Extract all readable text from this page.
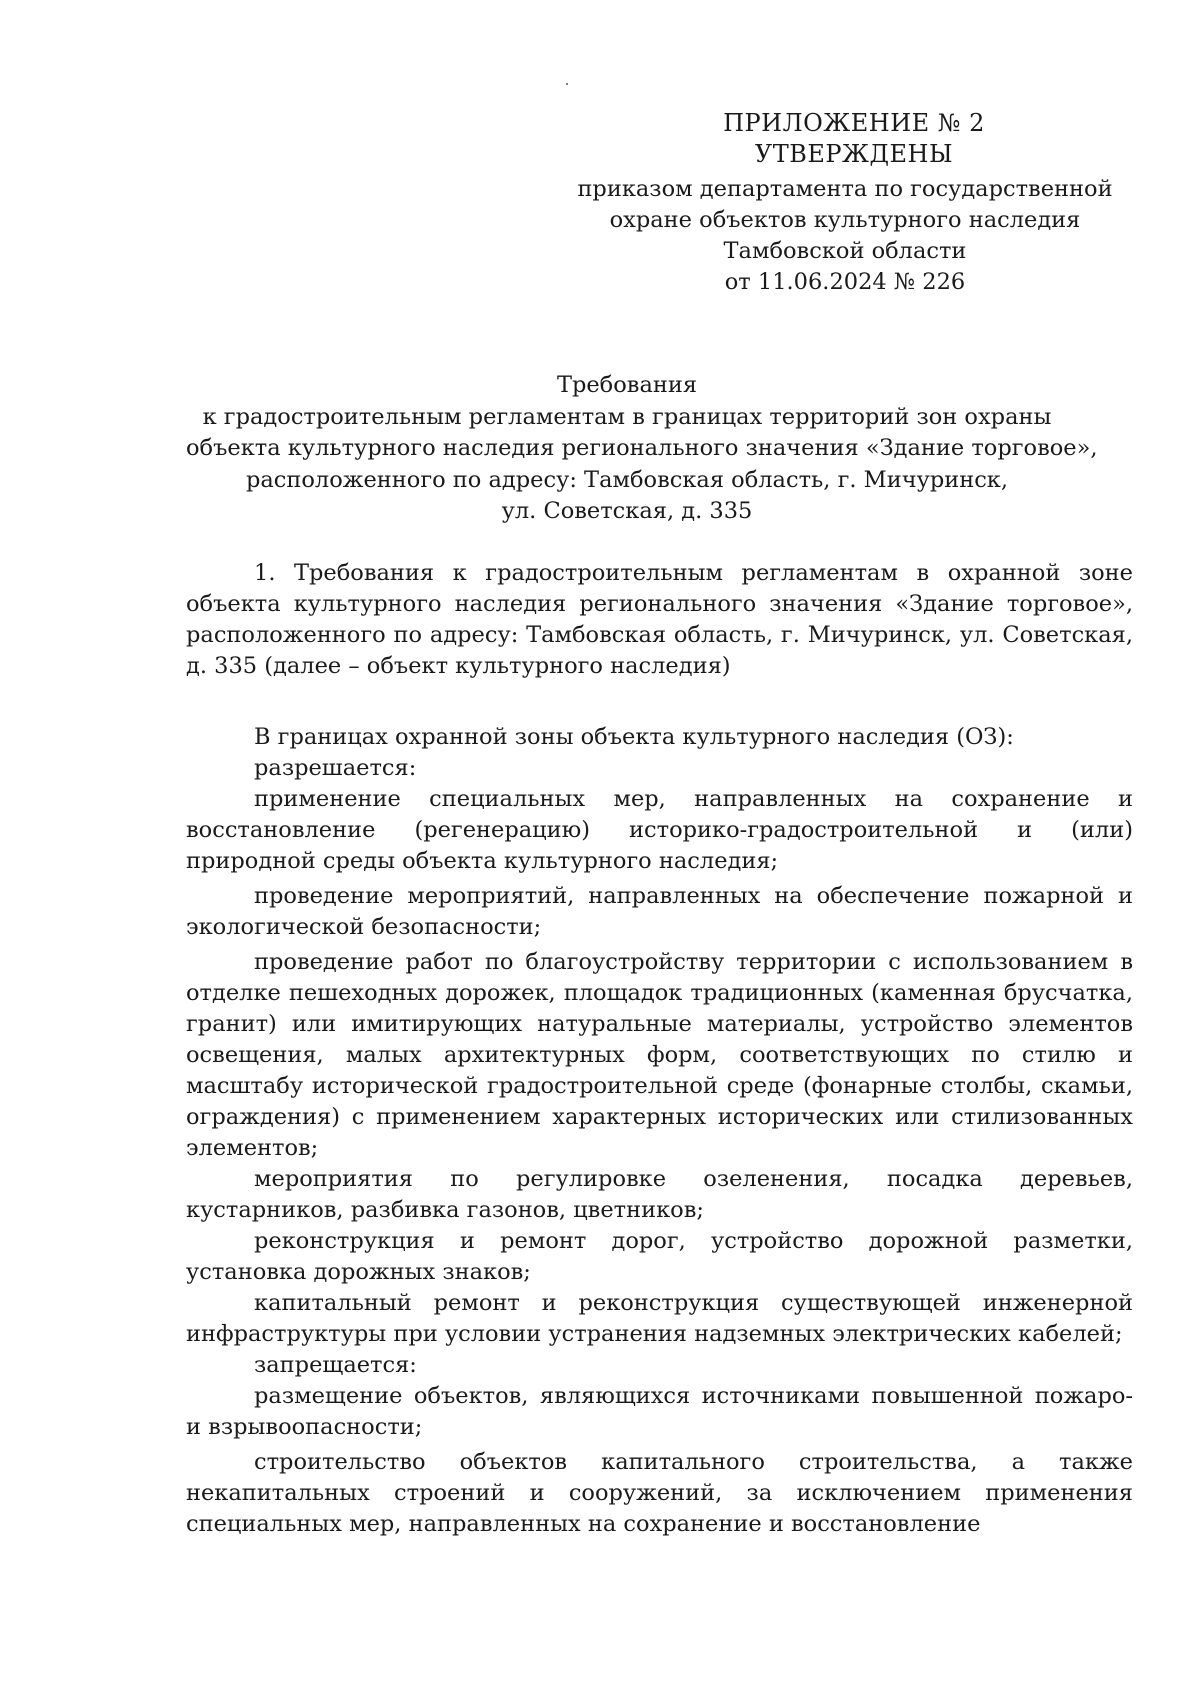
ПРИЛОЖЕНИЕ № 2
УТВЕРЖДЕНЫ
приказом департамента по государственной
охране объектов культурного наследия
Тамбовской области
от 11.06.2024 № 226
Требования
к градостроительным регламентам в границах территорий зон охраны
объекта культурного наследия регионального значения «Здание торговое»,
расположенного по адресу: Тамбовская область, г. Мичуринск,
ул. Советская, д. 335

1. Требования к градостроительным регламентам в охранной зоне объекта культурного наследия регионального значения «Здание торговое», расположенного по адресу: Тамбовская область, г. Мичуринск, ул. Советская, д. 335 (далее – объект культурного наследия)

В границах охранной зоны объекта культурного наследия (ОЗ):

разрешается:

применение специальных мер, направленных на сохранение и восстановление (регенерацию) историко-градостроительной и (или) природной среды объекта культурного наследия;

проведение мероприятий, направленных на обеспечение пожарной и экологической безопасности;

проведение работ по благоустройству территории с использованием в отделке пешеходных дорожек, площадок традиционных (каменная брусчатка, гранит) или имитирующих натуральные материалы, устройство элементов освещения, малых архитектурных форм, соответствующих по стилю и масштабу исторической градостроительной среде (фонарные столбы, скамьи, ограждения) с применением характерных исторических или стилизованных элементов;

мероприятия по регулировке озеленения, посадка деревьев, кустарников, разбивка газонов, цветников;

реконструкция и ремонт дорог, устройство дорожной разметки, установка дорожных знаков;

капитальный ремонт и реконструкция существующей инженерной инфраструктуры при условии устранения надземных электрических кабелей;

запрещается:

размещение объектов, являющихся источниками повышенной пожаро- и взрывоопасности;

строительство объектов капитального строительства, а также некапитальных строений и сооружений, за исключением применения специальных мер, направленных на сохранение и восстановление
